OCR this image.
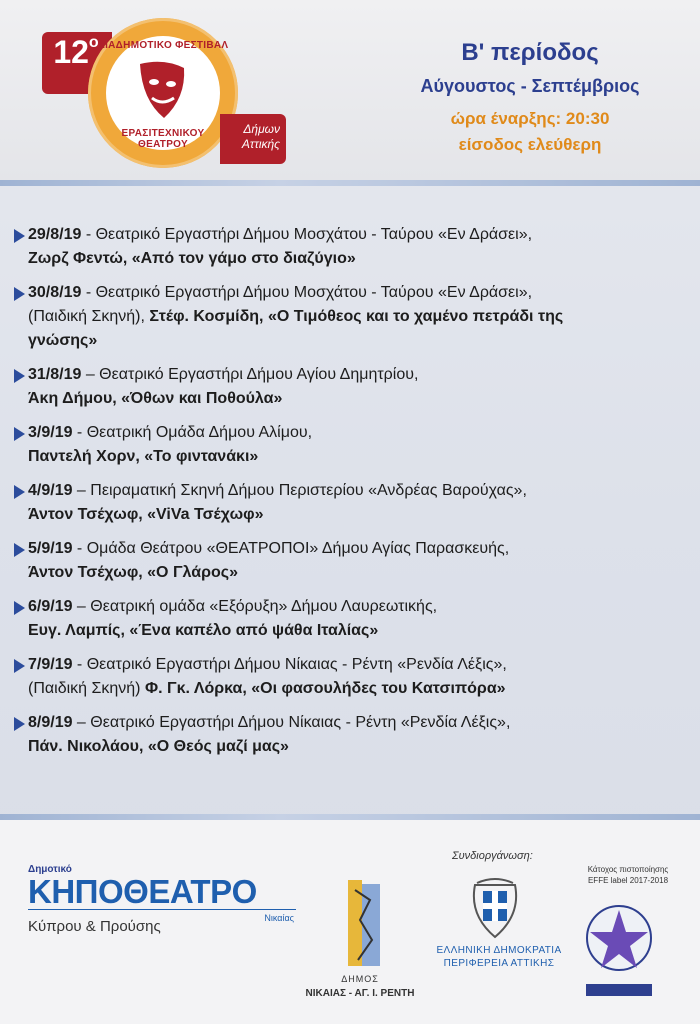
$12^o$
ΔΙΑΔΗΜΟΤΙΚΟ ΦΕΣΤΙΒΑΛ
ΕΡΑΣΙΤΕΧΝΙΚΟΥ ΘΕΑΤΡΟΥ
Δήμων
Αττικής
Β' περίοδος
Αύγουστος - Σεπτέμβριος
ώρα έναρξης: 20:30
είσοδος ελεύθερη
29/8/19 - Θεατρικό Εργαστήρι Δήμου Μοσχάτου - Ταύρου «Εν Δράσει»,
Ζωρζ Φεντώ, «Από τον γάμο στο διαζύγιο»
30/8/19 - Θεατρικό Εργαστήρι Δήμου Μοσχάτου - Ταύρου «Εν Δράσει»,
(Παιδική Σκηνή), Στέφ. Κοσμίδη, «Ο Τιμόθεος και το χαμένο πετράδι της
γνώσης»
31/8/19 – Θεατρικό Εργαστήρι Δήμου Αγίου Δημητρίου,
Άκη Δήμου, «Όθων και Ποθούλα»
3/9/19 - Θεατρική Ομάδα Δήμου Αλίμου,
Παντελή Χορν, «Το φιντανάκι»
4/9/19 – Πειραματική Σκηνή Δήμου Περιστερίου «Ανδρέας Βαρούχας»,
Άντον Τσέχωφ, «ViVa Τσέχωφ»
5/9/19 - Ομάδα Θεάτρου «ΘΕΑΤΡΟΠΟΙ» Δήμου Αγίας Παρασκευής,
Άντον Τσέχωφ, «Ο Γλάρος»
6/9/19 – Θεατρική ομάδα «Εξόρυξη» Δήμου Λαυρεωτικής,
Ευγ. Λαμπίς, «Ένα καπέλο από ψάθα Ιταλίας»
7/9/19 - Θεατρικό Εργαστήρι Δήμου Νίκαιας - Ρέντη «Ρενδία Λέξις»,
(Παιδική Σκηνή) Φ. Γκ. Λόρκα, «Οι φασουλήδες του Κατσιπόρα»
8/9/19 – Θεατρικό Εργαστήρι Δήμου Νίκαιας - Ρέντη «Ρενδία Λέξις»,
Πάν. Νικολάου, «Ο Θεός μαζί μας»
Δημοτικό
ΚΗΠΟΘΕΑΤΡΟ
Νικαίας
Κύπρου & Προύσης
ΔΗΜΟΣ
ΝΙΚΑΙΑΣ - ΑΓ. Ι. ΡΕΝΤΗ
Συνδιοργάνωση:
ΕΛΛΗΝΙΚΗ ΔΗΜΟΚΡΑΤΙΑ
ΠΕΡΙΦΕΡΕΙΑ ΑΤΤΙΚΗΣ
Κάτοχος πιστοποίησης
EFFE label 2017-2018
